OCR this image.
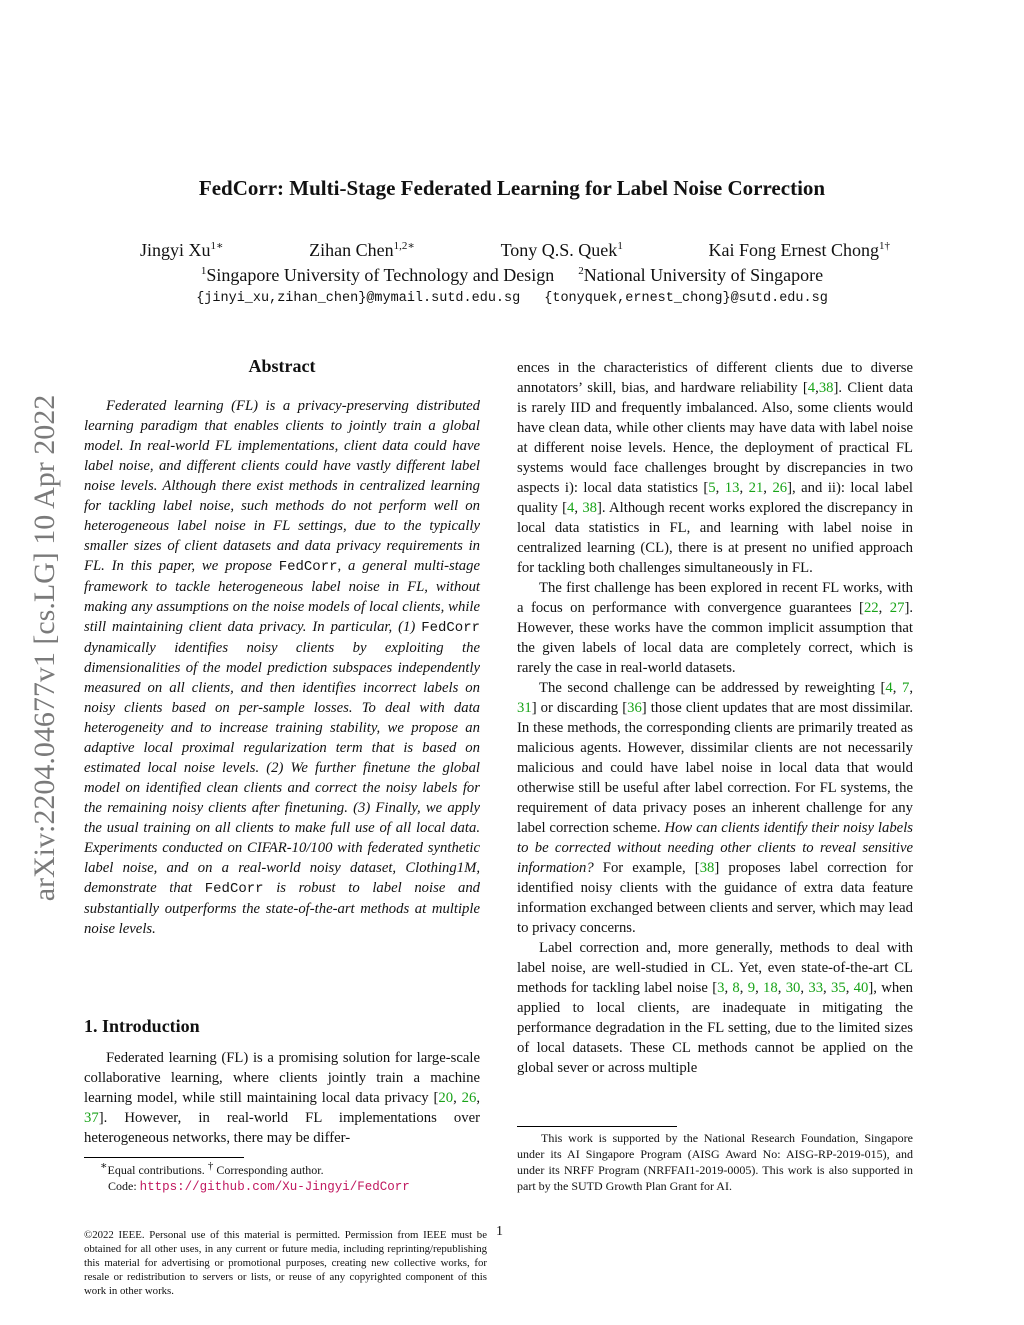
FedCorr: Multi-Stage Federated Learning for Label Noise Correction
Jingyi $Xu^{1∗}$	Zihan Chen$^{1,2∗}$	Tony Q.S. Quek$^1$	Kai Fong Ernest Chong$^{1\dagger}$
$^1$Singapore University of Technology and Design $^2$National University of Singapore
{jinyi_xu,zihan_chen}@mymail.sutd.edu.sg {tonyquek,ernest_chong}@sutd.edu.sg
arXiv:2204.04677v1 [cs.LG] 10 Apr 2022
Abstract

Federated learning (FL) is a privacy-preserving distributed learning paradigm that enables clients to jointly train a global model. In real-world FL implementations, client data could have label noise, and different clients could have vastly different label noise levels. Although there exist methods in centralized learning for tackling label noise, such methods do not perform well on heterogeneous label noise in FL settings, due to the typically smaller sizes of client datasets and data privacy requirements in FL. In this paper, we propose FedCorr, a general multi-stage framework to tackle heterogeneous label noise in FL, without making any assumptions on the noise models of local clients, while still maintaining client data privacy. In particular, (1) FedCorr dynamically identifies noisy clients by exploiting the dimensionalities of the model prediction subspaces independently measured on all clients, and then identifies incorrect labels on noisy clients based on per-sample losses. To deal with data heterogeneity and to increase training stability, we propose an adaptive local proximal regularization term that is based on estimated local noise levels. (2) We further finetune the global model on identified clean clients and correct the noisy labels for the remaining noisy clients after finetuning. (3) Finally, we apply the usual training on all clients to make full use of all local data. Experiments conducted on CIFAR-10/100 with federated synthetic label noise, and on a real-world noisy dataset, Clothing1M, demonstrate that FedCorr is robust to label noise and substantially outperforms the state-of-the-art methods at multiple noise levels.

1. Introduction

Federated learning (FL) is a promising solution for large-scale collaborative learning, where clients jointly train a machine learning model, while still maintaining local data privacy [20, 26, 37]. However, in real-world FL implementations over heterogeneous networks, there may be differ-

∗Equal contributions. † Corresponding author.
Code: https://github.com/Xu-Jingyi/FedCorr

ences in the characteristics of different clients due to diverse annotators’ skill, bias, and hardware reliability [4,38]. Client data is rarely IID and frequently imbalanced. Also, some clients would have clean data, while other clients may have data with label noise at different noise levels. Hence, the deployment of practical FL systems would face challenges brought by discrepancies in two aspects i): local data statistics [5, 13, 21, 26], and ii): local label quality [4, 38]. Although recent works explored the discrepancy in local data statistics in FL, and learning with label noise in centralized learning (CL), there is at present no unified approach for tackling both challenges simultaneously in FL.

The first challenge has been explored in recent FL works, with a focus on performance with convergence guarantees [22, 27]. However, these works have the common implicit assumption that the given labels of local data are completely correct, which is rarely the case in real-world datasets.

The second challenge can be addressed by reweighting [4, 7, 31] or discarding [36] those client updates that are most dissimilar. In these methods, the corresponding clients are primarily treated as malicious agents. However, dissimilar clients are not necessarily malicious and could have label noise in local data that would otherwise still be useful after label correction. For FL systems, the requirement of data privacy poses an inherent challenge for any label correction scheme. How can clients identify their noisy labels to be corrected without needing other clients to reveal sensitive information? For example, [38] proposes label correction for identified noisy clients with the guidance of extra data feature information exchanged between clients and server, which may lead to privacy concerns.

Label correction and, more generally, methods to deal with label noise, are well-studied in CL. Yet, even state-of-the-art CL methods for tackling label noise [3, 8, 9, 18, 30, 33, 35, 40], when applied to local clients, are inadequate in mitigating the performance degradation in the FL setting, due to the limited sizes of local datasets. These CL methods cannot be applied on the global sever or across multiple

This work is supported by the National Research Foundation, Singapore under its AI Singapore Program (AISG Award No: AISG-RP-2019-015), and under its NRFF Program (NRFFAI1-2019-0005). This work is also supported in part by the SUTD Growth Plan Grant for AI.
©2022 IEEE. Personal use of this material is permitted. Permission from IEEE must be obtained for all other uses, in any current or future media, including reprinting/republishing this material for advertising or promotional purposes, creating new collective works, for resale or redistribution to servers or lists, or reuse of any copyrighted component of this work in other works.
1
